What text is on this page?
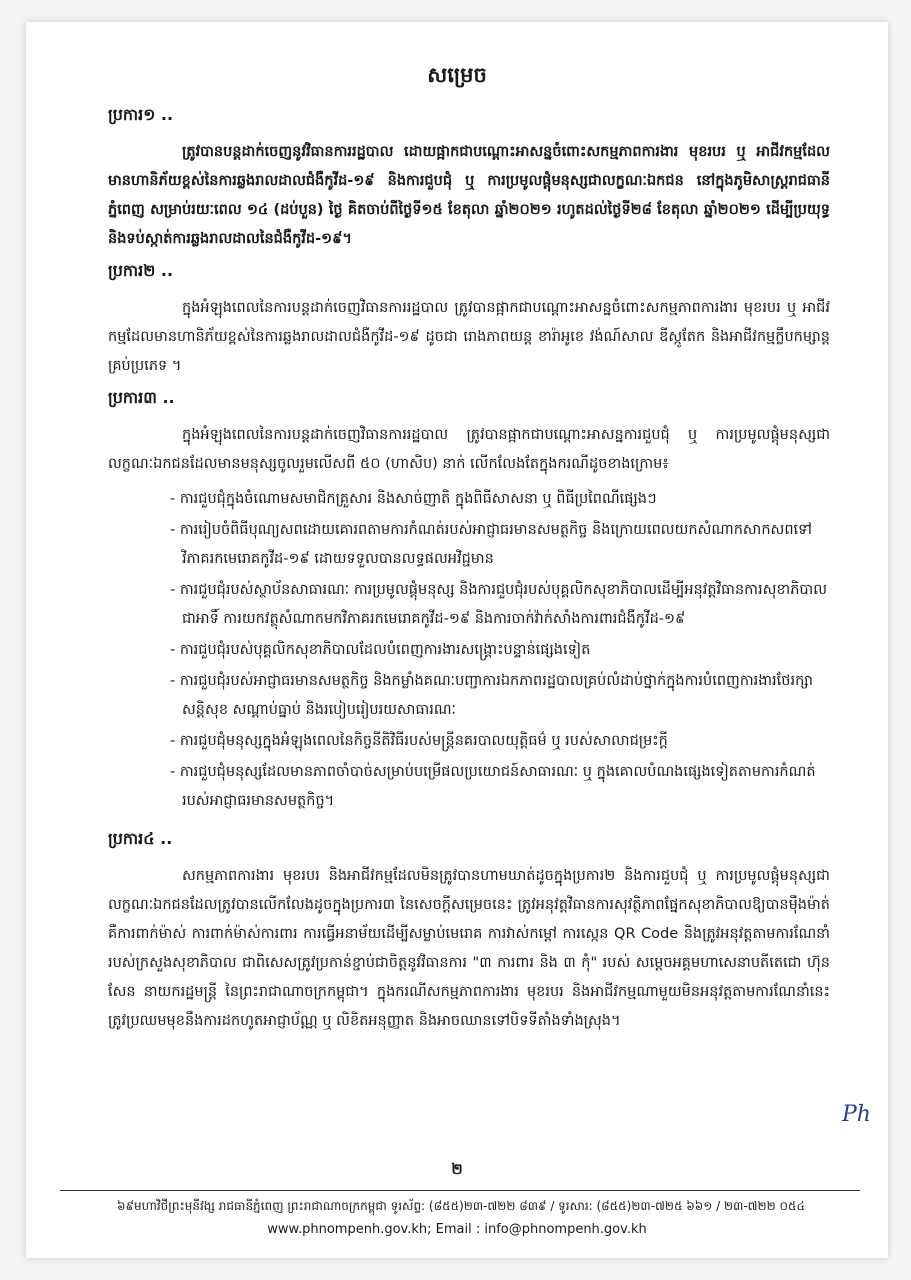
សម្រេច
ប្រការ១ ..

ត្រូវបានបន្តដាក់ចេញនូវវិធានការរដ្ឋបាល ដោយផ្អាកជាបណ្ដោះអាសន្នចំពោះសកម្មភាពការងារ មុខរបរ ឬ អាជីវកម្មដែលមានហានិភ័យខ្ពស់នៃការឆ្លងរាលដាលជំងឺកូវីដ-១៩ និងការជួបជុំ ឬ ការប្រមូលផ្ដុំមនុស្សជាលក្ខណៈឯកជន នៅក្នុងភូមិសាស្ត្ររាជធានីភ្នំពេញ សម្រាប់រយៈពេល ១៤ (ដប់បួន) ថ្ងៃ គិតចាប់ពីថ្ងៃទី១៥ ខែតុលា ឆ្នាំ២០២១ រហូតដល់ថ្ងៃទី២៨ ខែតុលា ឆ្នាំ២០២១ ដើម្បីប្រយុទ្ធ និងទប់ស្កាត់ការឆ្លងរាលដាលនៃជំងឺកូវីដ-១៩។

ប្រការ២ ..

ក្នុងអំឡុងពេលនៃការបន្តដាក់ចេញវិធានការរដ្ឋបាល ត្រូវបានផ្អាកជាបណ្ដោះអាសន្នចំពោះសកម្មភាពការងារ មុខរបរ ឬ អាជីវកម្មដែលមានហានិភ័យខ្ពស់នៃការឆ្លងរាលដាលជំងឺកូវីដ-១៩ ដូចជា រោងភាពយន្ត ខារ៉ាអូខេ វង់ណ៍សាល ឌីស្កូតែក និងអាជីវកម្មក្លឹបកម្សាន្តគ្រប់ប្រភេទ ។

ប្រការ៣ ..

ក្នុងអំឡុងពេលនៃការបន្តដាក់ចេញវិធានការរដ្ឋបាល ត្រូវបានផ្អាកជាបណ្ដោះអាសន្នការជួបជុំ ឬ ការប្រមូលផ្ដុំមនុស្សជាលក្ខណៈឯកជនដែលមានមនុស្សចូលរួមលើសពី ៥០ (ហាសិប) នាក់ លើកលែងតែក្នុងករណីដូចខាងក្រោម៖

- ការជួបជុំក្នុងចំណោមសមាជិកគ្រួសារ និងសាច់ញាតិ ក្នុងពិធីសាសនា ឬ ពិធីប្រពៃណីផ្សេងៗ
- ការរៀបចំពិធីបុណ្យសពដោយគោរពតាមការកំណត់របស់អាជ្ញាធរមានសមត្ថកិច្ច និងក្រោយពេលយកសំណាកសាកសពទៅវិភាគរកមេរោគកូវីដ-១៩ ដោយទទួលបានលទ្ធផលអវិជ្ជមាន
- ការជួបជុំរបស់ស្ថាប័នសាធារណៈ ការប្រមូលផ្ដុំមនុស្ស និងការជួបជុំរបស់បុគ្គលិកសុខាភិបាលដើម្បីអនុវត្តវិធានការសុខាភិបាល ជាអាទិ៍ ការយកវត្ថុសំណាកមកវិភាគរកមេរោគកូវីដ-១៩ និងការចាក់វ៉ាក់សាំងការពារជំងឺកូវីដ-១៩
- ការជួបជុំរបស់បុគ្គលិកសុខាភិបាលដែលបំពេញការងារសង្គ្រោះបន្ទាន់ផ្សេងទៀត
- ការជួបជុំរបស់អាជ្ញាធរមានសមត្ថកិច្ច និងកម្លាំងគណៈបញ្ជាការឯកភាពរដ្ឋបាលគ្រប់លំដាប់ថ្នាក់ក្នុងការបំពេញការងារថែរក្សាសន្តិសុខ សណ្ដាប់ធ្នាប់ និងរបៀបរៀបរយសាធារណៈ
- ការជួបជុំមនុស្សក្នុងអំឡុងពេលនៃកិច្ចនីតិវិធីរបស់មន្ត្រីនគរបាលយុត្តិធម៌ ឬ របស់សាលាជម្រះក្ដី
- ការជួបជុំមនុស្សដែលមានភាពចាំបាច់សម្រាប់បម្រើផលប្រយោជន៍សាធារណៈ ឬ ក្នុងគោលបំណងផ្សេងទៀតតាមការកំណត់របស់អាជ្ញាធរមានសមត្ថកិច្ច។
ប្រការ៤ ..

សកម្មភាពការងារ មុខរបរ និងអាជីវកម្មដែលមិនត្រូវបានហាមឃាត់ដូចក្នុងប្រការ២ និងការជួបជុំ ឬ ការប្រមូលផ្ដុំមនុស្សជាលក្ខណៈឯកជនដែលត្រូវបានលើកលែងដូចក្នុងប្រការ៣ នៃសេចក្ដីសម្រេចនេះ ត្រូវអនុវត្តវិធានការសុវត្ថិភាពផ្នែកសុខាភិបាលឱ្យបានម៉ឺងម៉ាត់ គឺការពាក់ម៉ាស់ ការពាក់ម៉ាស់ការពារ ការធ្វើអនាម័យដើម្បីសម្លាប់មេរោគ ការវាស់កម្ដៅ ការស្កេន QR Code និងត្រូវអនុវត្តតាមការណែនាំរបស់ក្រសួងសុខាភិបាល ជាពិសេសត្រូវប្រកាន់ខ្ជាប់ជាចិត្តនូវវិធានការ "៣ ការពារ និង ៣ កុំ" របស់ សម្ដេចអគ្គមហាសេនាបតីតេជោ ហ៊ុន សែន នាយករដ្ឋមន្ត្រី នៃព្រះរាជាណាចក្រកម្ពុជា។ ក្នុងករណីសកម្មភាពការងារ មុខរបរ និងអាជីវកម្មណាមួយមិនអនុវត្តតាមការណែនាំនេះ ត្រូវប្រឈមមុខនឹងការដកហូតអាជ្ញាប័ណ្ណ ឬ លិខិតអនុញ្ញាត និងអាចឈានទៅបិទទីតាំងទាំងស្រុង។

Ph
២
៦៩មហាវិថីព្រះមុនីវង្ស រាជធានីភ្នំពេញ ព្រះរាជាណាចក្រកម្ពុជា ទូរស័ព្ទ: (៨៥៥)២៣-៧២២ ៨៣៩ / ទូរសារ: (៨៥៥)២៣-៧២៥ ៦៦១ / ២៣-៧២២ ០៥៤
www.phnompenh.gov.kh; Email : info@phnompenh.gov.kh
